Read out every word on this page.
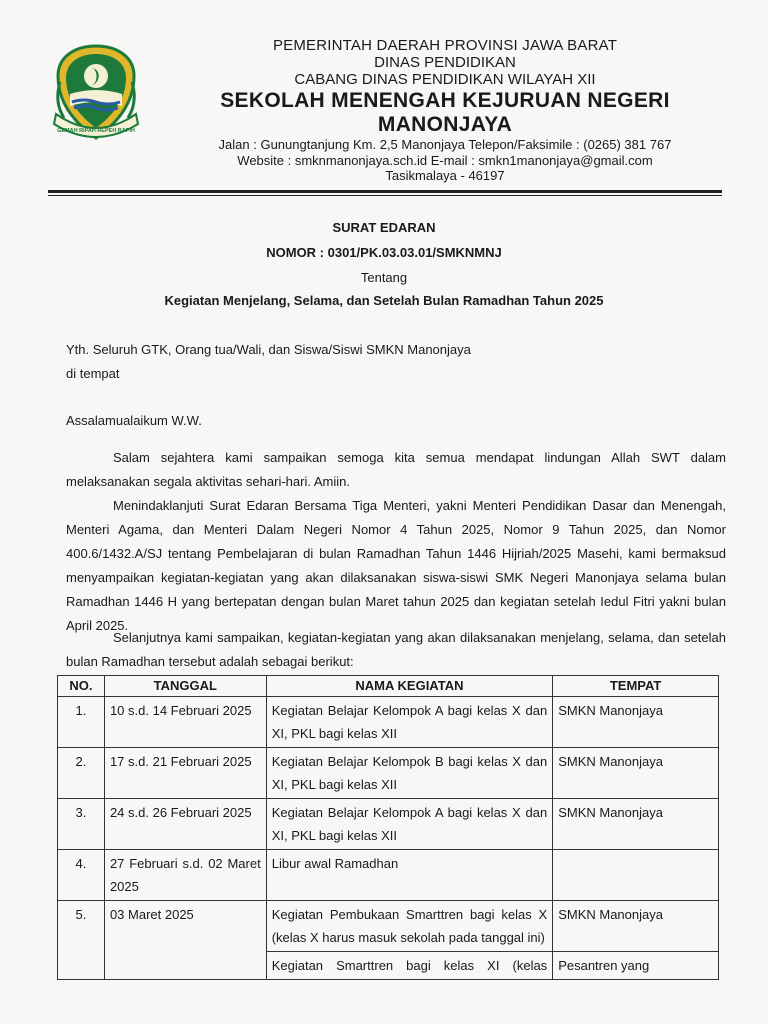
GEMAH RIPAH REPEH RAPIH
PEMERINTAH DAERAH PROVINSI JAWA BARAT
DINAS PENDIDIKAN
CABANG DINAS PENDIDIKAN WILAYAH XII
SEKOLAH MENENGAH KEJURUAN NEGERI
MANONJAYA
Jalan : Gunungtanjung Km. 2,5 Manonjaya Telepon/Faksimile : (0265) 381 767
Website : smknmanonjaya.sch.id E-mail : smkn1manonjaya@gmail.com
Tasikmalaya - 46197
SURAT EDARAN
NOMOR : 0301/PK.03.03.01/SMKNMNJ
Tentang
Kegiatan Menjelang, Selama, dan Setelah Bulan Ramadhan Tahun 2025
Yth. Seluruh GTK, Orang tua/Wali, dan Siswa/Siswi SMKN Manonjaya
di tempat
Assalamualaikum W.W.
Salam sejahtera kami sampaikan semoga kita semua mendapat lindungan Allah SWT dalam melaksanakan segala aktivitas sehari-hari. Amiin.
Menindaklanjuti Surat Edaran Bersama Tiga Menteri, yakni Menteri Pendidikan Dasar dan Menengah, Menteri Agama, dan Menteri Dalam Negeri Nomor 4 Tahun 2025, Nomor 9 Tahun 2025, dan Nomor 400.6/1432.A/SJ tentang Pembelajaran di bulan Ramadhan Tahun 1446 Hijriah/2025 Masehi, kami bermaksud menyampaikan kegiatan-kegiatan yang akan dilaksanakan siswa-siswi SMK Negeri Manonjaya selama bulan Ramadhan 1446 H yang bertepatan dengan bulan Maret tahun 2025 dan kegiatan setelah Iedul Fitri yakni bulan April 2025.
Selanjutnya kami sampaikan, kegiatan-kegiatan yang akan dilaksanakan menjelang, selama, dan setelah bulan Ramadhan tersebut adalah sebagai berikut:
NO.	TANGGAL	NAMA KEGIATAN	TEMPAT
1.	10 s.d. 14 Februari 2025	Kegiatan Belajar Kelompok A bagi kelas X dan XI, PKL bagi kelas XII	SMKN Manonjaya
2.	17 s.d. 21 Februari 2025	Kegiatan Belajar Kelompok B bagi kelas X dan XI, PKL bagi kelas XII	SMKN Manonjaya
3.	24 s.d. 26 Februari 2025	Kegiatan Belajar Kelompok A bagi kelas X dan XI, PKL bagi kelas XII	SMKN Manonjaya
4.	27 Februari s.d. 02 Maret 2025	Libur awal Ramadhan	
5.	03 Maret 2025	Kegiatan Pembukaan Smarttren bagi kelas X (kelas X harus masuk sekolah pada tanggal ini)	SMKN Manonjaya

		Kegiatan Smarttren bagi kelas XI (kelas	Pesantren yang
